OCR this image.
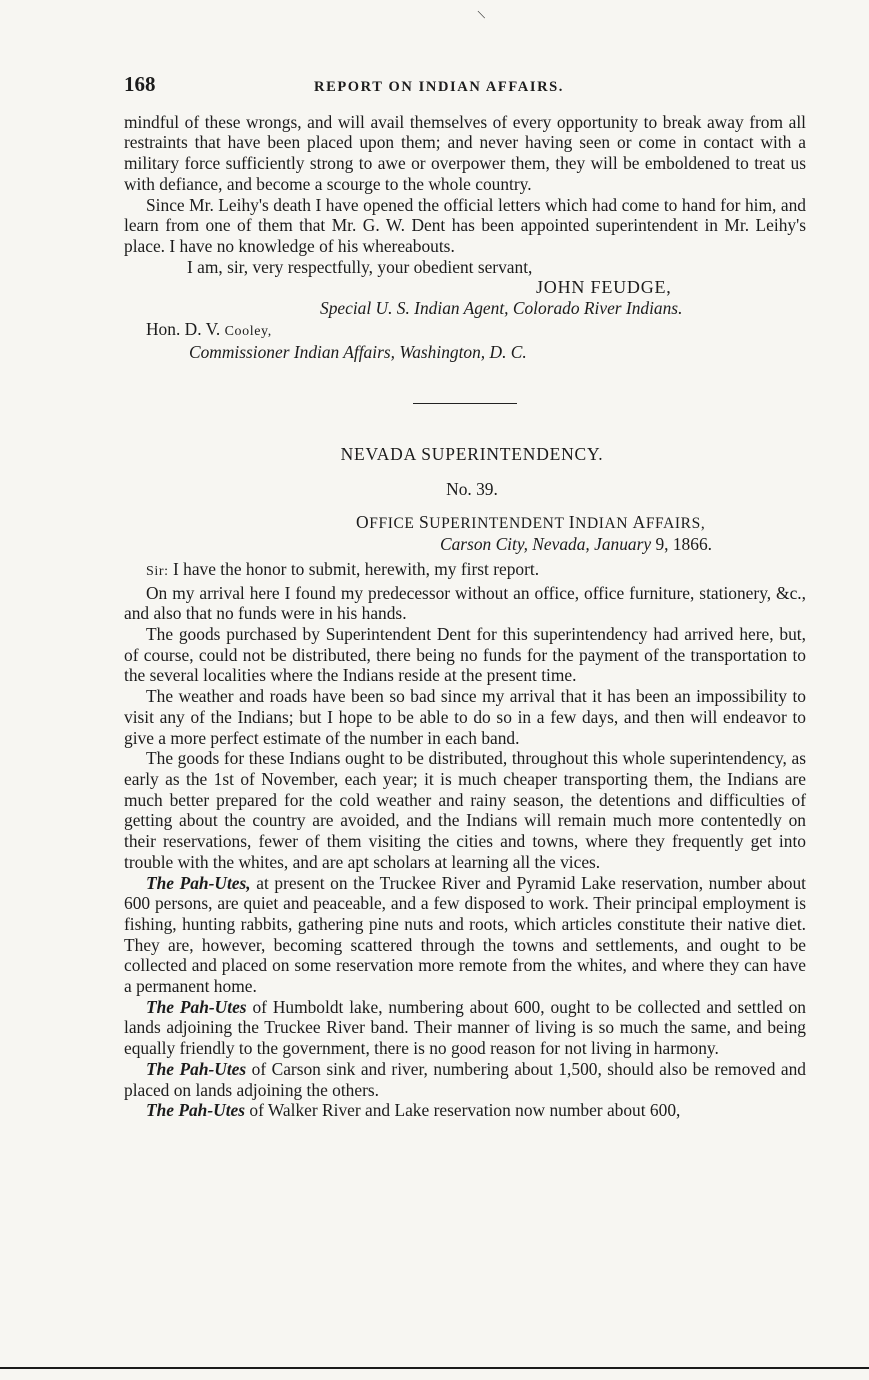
\
168	REPORT ON INDIAN AFFAIRS.

mindful of these wrongs, and will avail themselves of every opportunity to break away from all restraints that have been placed upon them; and never having seen or come in contact with a military force sufficiently strong to awe or overpower them, they will be emboldened to treat us with defiance, and become a scourge to the whole country.

Since Mr. Leihy's death I have opened the official letters which had come to hand for him, and learn from one of them that Mr. G. W. Dent has been appointed superintendent in Mr. Leihy's place. I have no knowledge of his whereabouts.

I am, sir, very respectfully, your obedient servant,

JOHN FEUDGE,

Special U. S. Indian Agent, Colorado River Indians.

Hon. D. V. Cooley,

Commissioner Indian Affairs, Washington, D. C.

NEVADA SUPERINTENDENCY.

No. 39.

OFFICE SUPERINTENDENT INDIAN AFFAIRS,

Carson City, Nevada, January 9, 1866.

Sir: I have the honor to submit, herewith, my first report.

On my arrival here I found my predecessor without an office, office furniture, stationery, &c., and also that no funds were in his hands.

The goods purchased by Superintendent Dent for this superintendency had arrived here, but, of course, could not be distributed, there being no funds for the payment of the transportation to the several localities where the Indians reside at the present time.

The weather and roads have been so bad since my arrival that it has been an impossibility to visit any of the Indians; but I hope to be able to do so in a few days, and then will endeavor to give a more perfect estimate of the number in each band.

The goods for these Indians ought to be distributed, throughout this whole superintendency, as early as the 1st of November, each year; it is much cheaper transporting them, the Indians are much better prepared for the cold weather and rainy season, the detentions and difficulties of getting about the country are avoided, and the Indians will remain much more contentedly on their reservations, fewer of them visiting the cities and towns, where they frequently get into trouble with the whites, and are apt scholars at learning all the vices.

The Pah-Utes, at present on the Truckee River and Pyramid Lake reservation, number about 600 persons, are quiet and peaceable, and a few disposed to work. Their principal employment is fishing, hunting rabbits, gathering pine nuts and roots, which articles constitute their native diet. They are, however, becoming scattered through the towns and settlements, and ought to be collected and placed on some reservation more remote from the whites, and where they can have a permanent home.

The Pah-Utes of Humboldt lake, numbering about 600, ought to be collected and settled on lands adjoining the Truckee River band. Their manner of living is so much the same, and being equally friendly to the government, there is no good reason for not living in harmony.

The Pah-Utes of Carson sink and river, numbering about 1,500, should also be removed and placed on lands adjoining the others.

The Pah-Utes of Walker River and Lake reservation now number about 600,
